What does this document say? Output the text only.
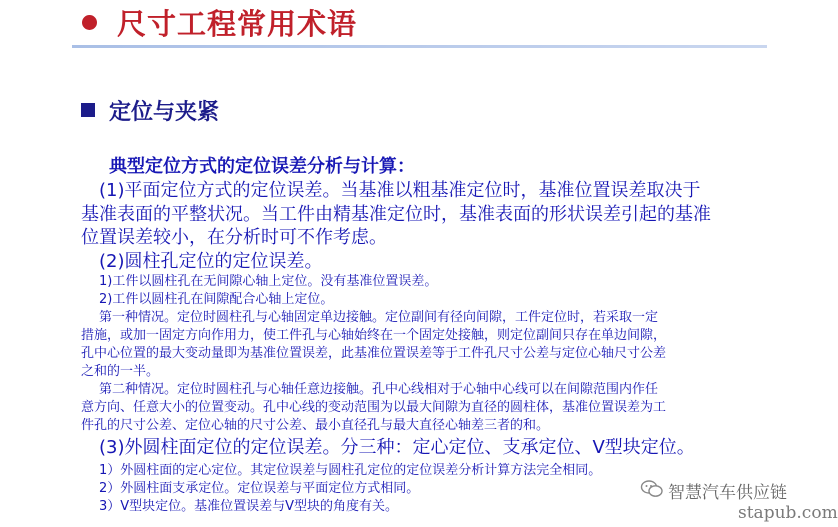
尺寸工程常用术语
定位与夹紧
典型定位方式的定位误差分析与计算：
(1)平面定位方式的定位误差。当基准以粗基准定位时，基准位置误差取决于
基准表面的平整状况。当工件由精基准定位时，基准表面的形状误差引起的基准
位置误差较小，在分析时可不作考虑。
(2)圆柱孔定位的定位误差。
1)工件以圆柱孔在无间隙心轴上定位。没有基准位置误差。
2)工件以圆柱孔在间隙配合心轴上定位。
第一种情况。定位时圆柱孔与心轴固定单边接触。定位副间有径向间隙，工件定位时，若采取一定
措施，或加一固定方向作用力，使工件孔与心轴始终在一个固定处接触，则定位副间只存在单边间隙，
孔中心位置的最大变动量即为基准位置误差，此基准位置误差等于工件孔尺寸公差与定位心轴尺寸公差
之和的一半。
第二种情况。定位时圆柱孔与心轴任意边接触。孔中心线相对于心轴中心线可以在间隙范围内作任
意方向、任意大小的位置变动。孔中心线的变动范围为以最大间隙为直径的圆柱体，基准位置误差为工
件孔的尺寸公差、定位心轴的尺寸公差、最小直径孔与最大直径心轴差三者的和。
(3)外圆柱面定位的定位误差。分三种：定心定位、支承定位、V型块定位。
1）外圆柱面的定心定位。其定位误差与圆柱孔定位的定位误差分析计算方法完全相同。
2）外圆柱面支承定位。定位误差与平面定位方式相同。
3）V型块定位。基准位置误差与V型块的角度有关。
智慧汽车供应链
stapub.com
